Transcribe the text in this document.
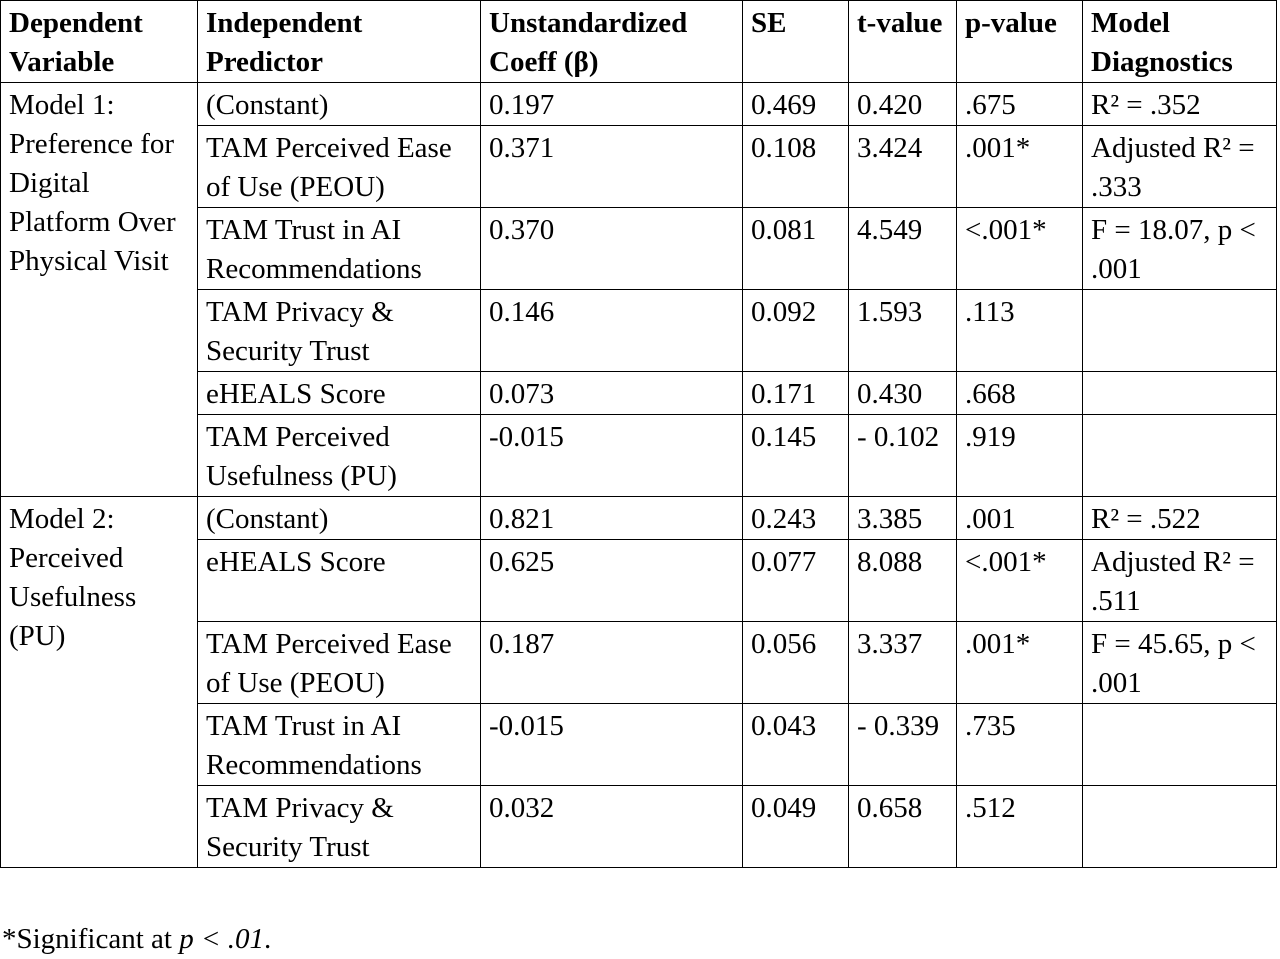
Dependent Variable	Independent Predictor	Unstandardized Coeff (β)	SE	t-value	p-value	Model Diagnostics
Model 1: Preference for Digital Platform Over Physical Visit	(Constant)	0.197	0.469	0.420	.675	R² = .352
	TAM Perceived Ease of Use (PEOU)	0.371	0.108	3.424	.001*	Adjusted R² = .333
	TAM Trust in AI Recommendations	0.370	0.081	4.549	<.001*	F = 18.07, p < .001
	TAM Privacy & Security Trust	0.146	0.092	1.593	.113	
	eHEALS Score	0.073	0.171	0.430	.668	
	TAM Perceived Usefulness (PU)	-0.015	0.145	- 0.102	.919	
Model 2: Perceived Usefulness (PU)	(Constant)	0.821	0.243	3.385	.001	R² = .522
	eHEALS Score	0.625	0.077	8.088	<.001*	Adjusted R² = .511
	TAM Perceived Ease of Use (PEOU)	0.187	0.056	3.337	.001*	F = 45.65, p < .001
	TAM Trust in AI Recommendations	-0.015	0.043	- 0.339	.735	
	TAM Privacy & Security Trust	0.032	0.049	0.658	.512	
*Significant at p < .01.
